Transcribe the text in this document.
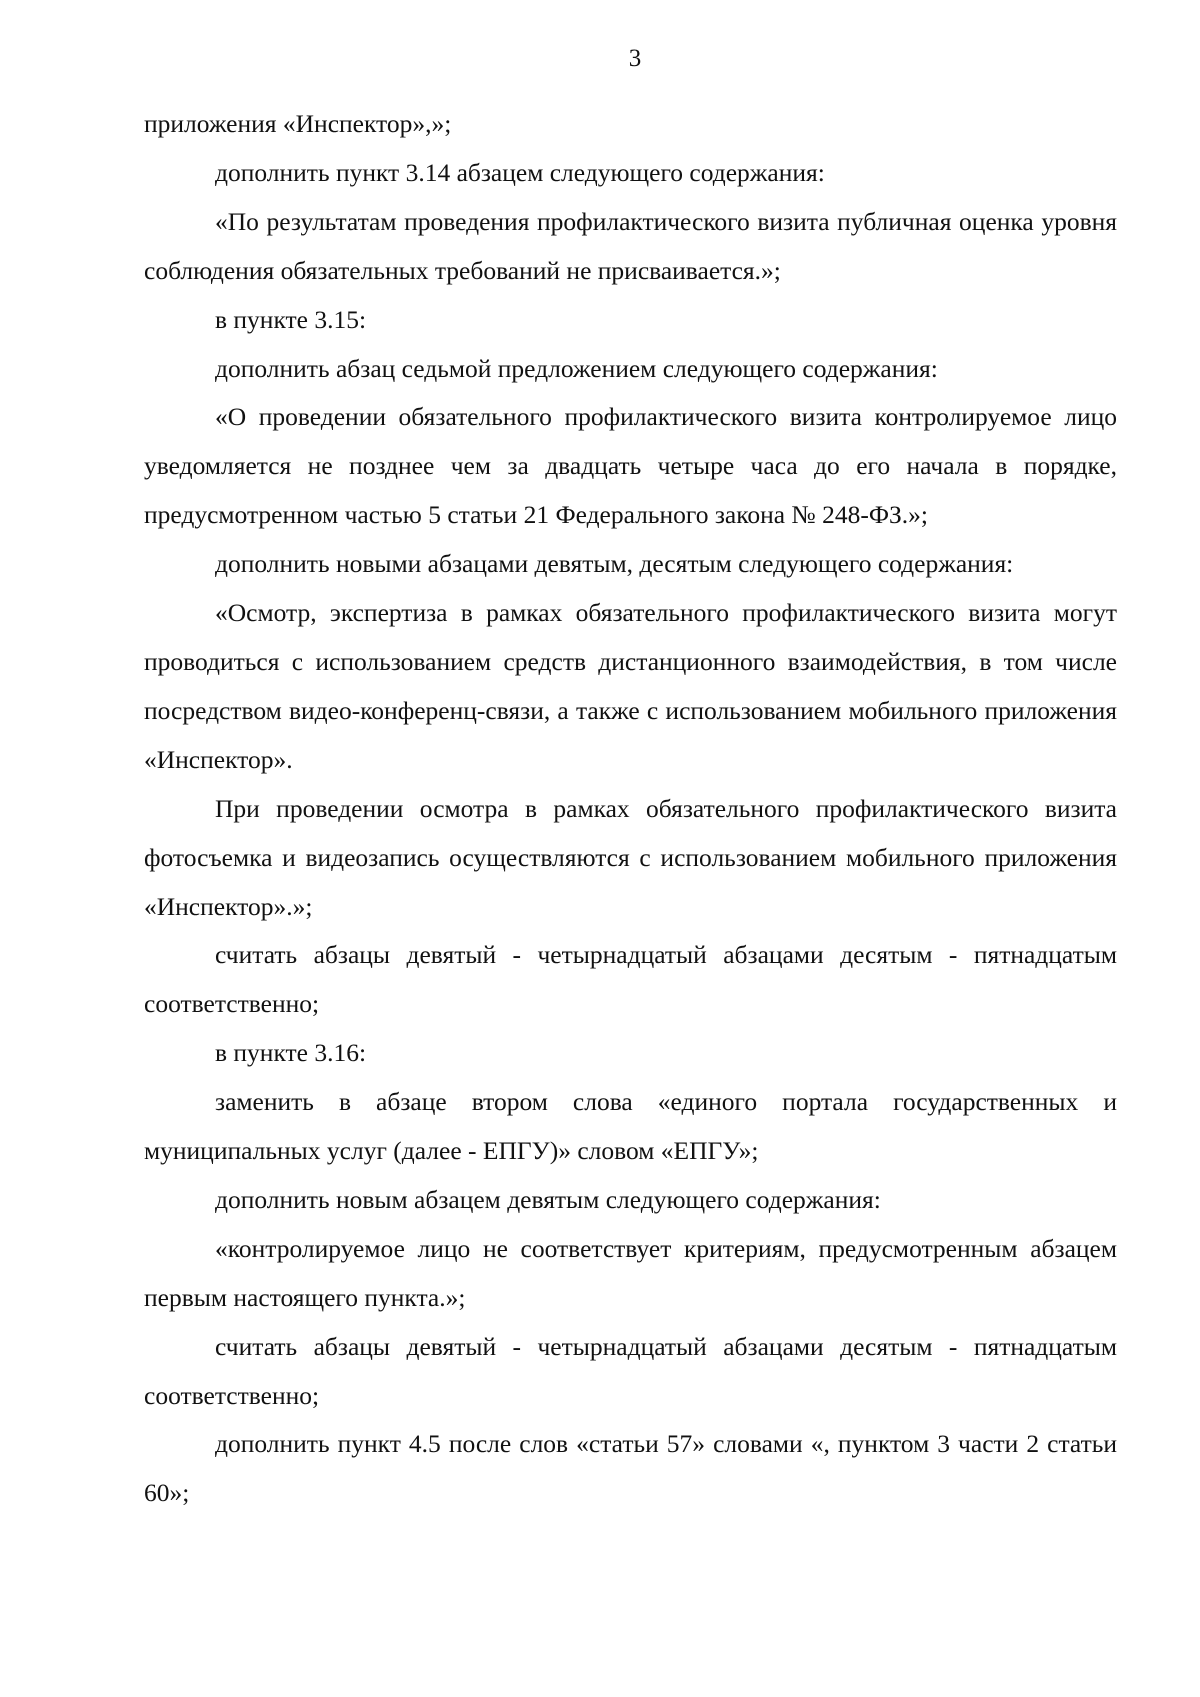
3

приложения «Инспектор»,»;

дополнить пункт 3.14 абзацем следующего содержания:

«По результатам проведения профилактического визита публичная оценка уровня соблюдения обязательных требований не присваивается.»;

в пункте 3.15:

дополнить абзац седьмой предложением следующего содержания:

«О проведении обязательного профилактического визита контролируемое лицо уведомляется не позднее чем за двадцать четыре часа до его начала в порядке, предусмотренном частью 5 статьи 21 Федерального закона № 248-ФЗ.»;

дополнить новыми абзацами девятым, десятым следующего содержания:

«Осмотр, экспертиза в рамках обязательного профилактического визита могут проводиться с использованием средств дистанционного взаимодействия, в том числе посредством видео-конференц-связи, а также с использованием мобильного приложения «Инспектор».

При проведении осмотра в рамках обязательного профилактического визита фотосъемка и видеозапись осуществляются с использованием мобильного приложения «Инспектор».»;

считать абзацы девятый - четырнадцатый абзацами десятым - пятнадцатым соответственно;

в пункте 3.16:

заменить в абзаце втором слова «единого портала государственных и муниципальных услуг (далее - ЕПГУ)» словом «ЕПГУ»;

дополнить новым абзацем девятым следующего содержания:

«контролируемое лицо не соответствует критериям, предусмотренным абзацем первым настоящего пункта.»;

считать абзацы девятый - четырнадцатый абзацами десятым - пятнадцатым соответственно;

дополнить пункт 4.5 после слов «статьи 57» словами «, пунктом 3 части 2 статьи 60»;
